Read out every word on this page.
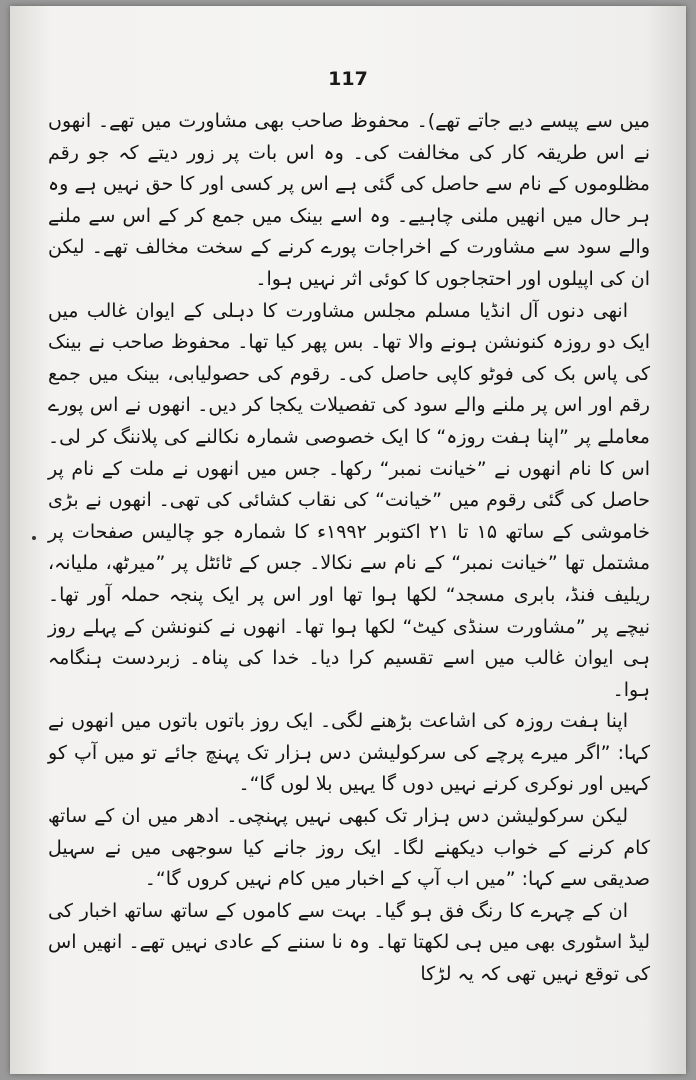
117

میں سے پیسے دیے جاتے تھے)۔ محفوظ صاحب بھی مشاورت میں تھے۔ انھوں نے اس طریقہ کار کی مخالفت کی۔ وہ اس بات پر زور دیتے کہ جو رقم مظلوموں کے نام سے حاصل کی گئی ہے اس پر کسی اور کا حق نہیں ہے وہ ہر حال میں انھیں ملنی چاہیے۔ وہ اسے بینک میں جمع کر کے اس سے ملنے والے سود سے مشاورت کے اخراجات پورے کرنے کے سخت مخالف تھے۔ لیکن ان کی اپیلوں اور احتجاجوں کا کوئی اثر نہیں ہوا۔

انھی دنوں آل انڈیا مسلم مجلس مشاورت کا دہلی کے ایوان غالب میں ایک دو روزہ کنونشن ہونے والا تھا۔ بس پھر کیا تھا۔ محفوظ صاحب نے بینک کی پاس بک کی فوٹو کاپی حاصل کی۔ رقوم کی حصولیابی، بینک میں جمع رقم اور اس پر ملنے والے سود کی تفصیلات یکجا کر دیں۔ انھوں نے اس پورے معاملے پر ”اپنا ہفت روزہ“ کا ایک خصوصی شمارہ نکالنے کی پلاننگ کر لی۔ اس کا نام انھوں نے ”خیانت نمبر“ رکھا۔ جس میں انھوں نے ملت کے نام پر حاصل کی گئی رقوم میں ”خیانت“ کی نقاب کشائی کی تھی۔ انھوں نے بڑی خاموشی کے ساتھ ۱۵ تا ۲۱ اکتوبر ۱۹۹۲ء کا شمارہ جو چالیس صفحات پر مشتمل تھا ”خیانت نمبر“ کے نام سے نکالا۔ جس کے ٹائٹل پر ”میرٹھ، ملیانہ، ریلیف فنڈ، بابری مسجد“ لکھا ہوا تھا اور اس پر ایک پنجہ حملہ آور تھا۔ نیچے پر ”مشاورت سنڈی کیٹ“ لکھا ہوا تھا۔ انھوں نے کنونشن کے پہلے روز ہی ایوان غالب میں اسے تقسیم کرا دیا۔ خدا کی پناہ۔ زبردست ہنگامہ ہوا۔

اپنا ہفت روزہ کی اشاعت بڑھنے لگی۔ ایک روز باتوں باتوں میں انھوں نے کہا: ”اگر میرے پرچے کی سرکولیشن دس ہزار تک پہنچ جائے تو میں آپ کو کہیں اور نوکری کرنے نہیں دوں گا یہیں بلا لوں گا“۔

لیکن سرکولیشن دس ہزار تک کبھی نہیں پہنچی۔ ادھر میں ان کے ساتھ کام کرنے کے خواب دیکھنے لگا۔ ایک روز جانے کیا سوجھی میں نے سہیل صدیقی سے کہا: ”میں اب آپ کے اخبار میں کام نہیں کروں گا“۔

ان کے چہرے کا رنگ فق ہو گیا۔ بہت سے کاموں کے ساتھ ساتھ اخبار کی لیڈ اسٹوری بھی میں ہی لکھتا تھا۔ وہ نا سننے کے عادی نہیں تھے۔ انھیں اس کی توقع نہیں تھی کہ یہ لڑکا
